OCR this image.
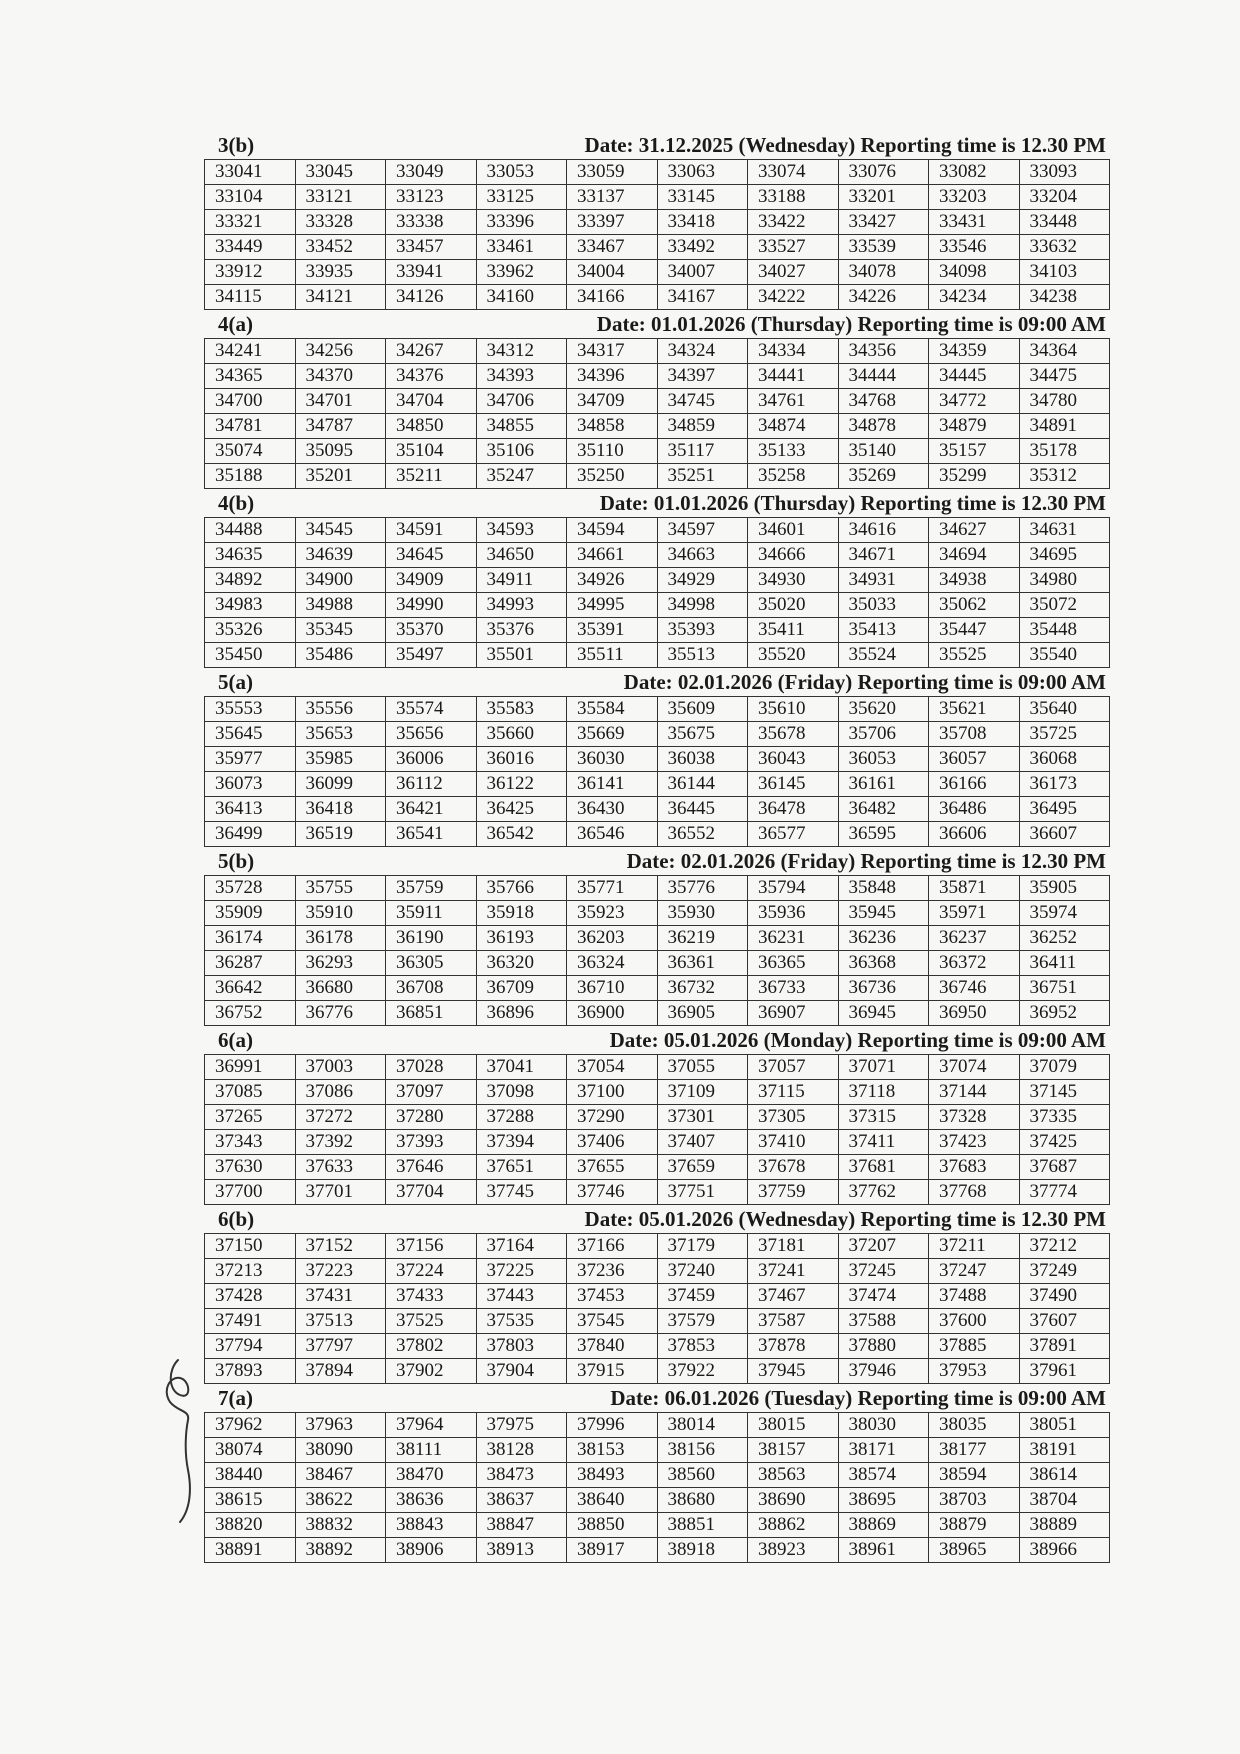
3(b)	Date: 31.12.2025 (Wednesday) Reporting time is 12.30 PM
33041	33045	33049	33053	33059	33063	33074	33076	33082	33093
33104	33121	33123	33125	33137	33145	33188	33201	33203	33204
33321	33328	33338	33396	33397	33418	33422	33427	33431	33448
33449	33452	33457	33461	33467	33492	33527	33539	33546	33632
33912	33935	33941	33962	34004	34007	34027	34078	34098	34103
34115	34121	34126	34160	34166	34167	34222	34226	34234	34238
4(a)	Date: 01.01.2026 (Thursday) Reporting time is 09:00 AM
34241	34256	34267	34312	34317	34324	34334	34356	34359	34364
34365	34370	34376	34393	34396	34397	34441	34444	34445	34475
34700	34701	34704	34706	34709	34745	34761	34768	34772	34780
34781	34787	34850	34855	34858	34859	34874	34878	34879	34891
35074	35095	35104	35106	35110	35117	35133	35140	35157	35178
35188	35201	35211	35247	35250	35251	35258	35269	35299	35312
4(b)	Date: 01.01.2026 (Thursday) Reporting time is 12.30 PM
34488	34545	34591	34593	34594	34597	34601	34616	34627	34631
34635	34639	34645	34650	34661	34663	34666	34671	34694	34695
34892	34900	34909	34911	34926	34929	34930	34931	34938	34980
34983	34988	34990	34993	34995	34998	35020	35033	35062	35072
35326	35345	35370	35376	35391	35393	35411	35413	35447	35448
35450	35486	35497	35501	35511	35513	35520	35524	35525	35540
5(a)	Date: 02.01.2026 (Friday) Reporting time is 09:00 AM
35553	35556	35574	35583	35584	35609	35610	35620	35621	35640
35645	35653	35656	35660	35669	35675	35678	35706	35708	35725
35977	35985	36006	36016	36030	36038	36043	36053	36057	36068
36073	36099	36112	36122	36141	36144	36145	36161	36166	36173
36413	36418	36421	36425	36430	36445	36478	36482	36486	36495
36499	36519	36541	36542	36546	36552	36577	36595	36606	36607
5(b)	Date: 02.01.2026 (Friday) Reporting time is 12.30 PM
35728	35755	35759	35766	35771	35776	35794	35848	35871	35905
35909	35910	35911	35918	35923	35930	35936	35945	35971	35974
36174	36178	36190	36193	36203	36219	36231	36236	36237	36252
36287	36293	36305	36320	36324	36361	36365	36368	36372	36411
36642	36680	36708	36709	36710	36732	36733	36736	36746	36751
36752	36776	36851	36896	36900	36905	36907	36945	36950	36952
6(a)	Date: 05.01.2026 (Monday) Reporting time is 09:00 AM
36991	37003	37028	37041	37054	37055	37057	37071	37074	37079
37085	37086	37097	37098	37100	37109	37115	37118	37144	37145
37265	37272	37280	37288	37290	37301	37305	37315	37328	37335
37343	37392	37393	37394	37406	37407	37410	37411	37423	37425
37630	37633	37646	37651	37655	37659	37678	37681	37683	37687
37700	37701	37704	37745	37746	37751	37759	37762	37768	37774
6(b)	Date: 05.01.2026 (Wednesday) Reporting time is 12.30 PM
37150	37152	37156	37164	37166	37179	37181	37207	37211	37212
37213	37223	37224	37225	37236	37240	37241	37245	37247	37249
37428	37431	37433	37443	37453	37459	37467	37474	37488	37490
37491	37513	37525	37535	37545	37579	37587	37588	37600	37607
37794	37797	37802	37803	37840	37853	37878	37880	37885	37891
37893	37894	37902	37904	37915	37922	37945	37946	37953	37961
7(a)	Date: 06.01.2026 (Tuesday) Reporting time is 09:00 AM
37962	37963	37964	37975	37996	38014	38015	38030	38035	38051
38074	38090	38111	38128	38153	38156	38157	38171	38177	38191
38440	38467	38470	38473	38493	38560	38563	38574	38594	38614
38615	38622	38636	38637	38640	38680	38690	38695	38703	38704
38820	38832	38843	38847	38850	38851	38862	38869	38879	38889
38891	38892	38906	38913	38917	38918	38923	38961	38965	38966
